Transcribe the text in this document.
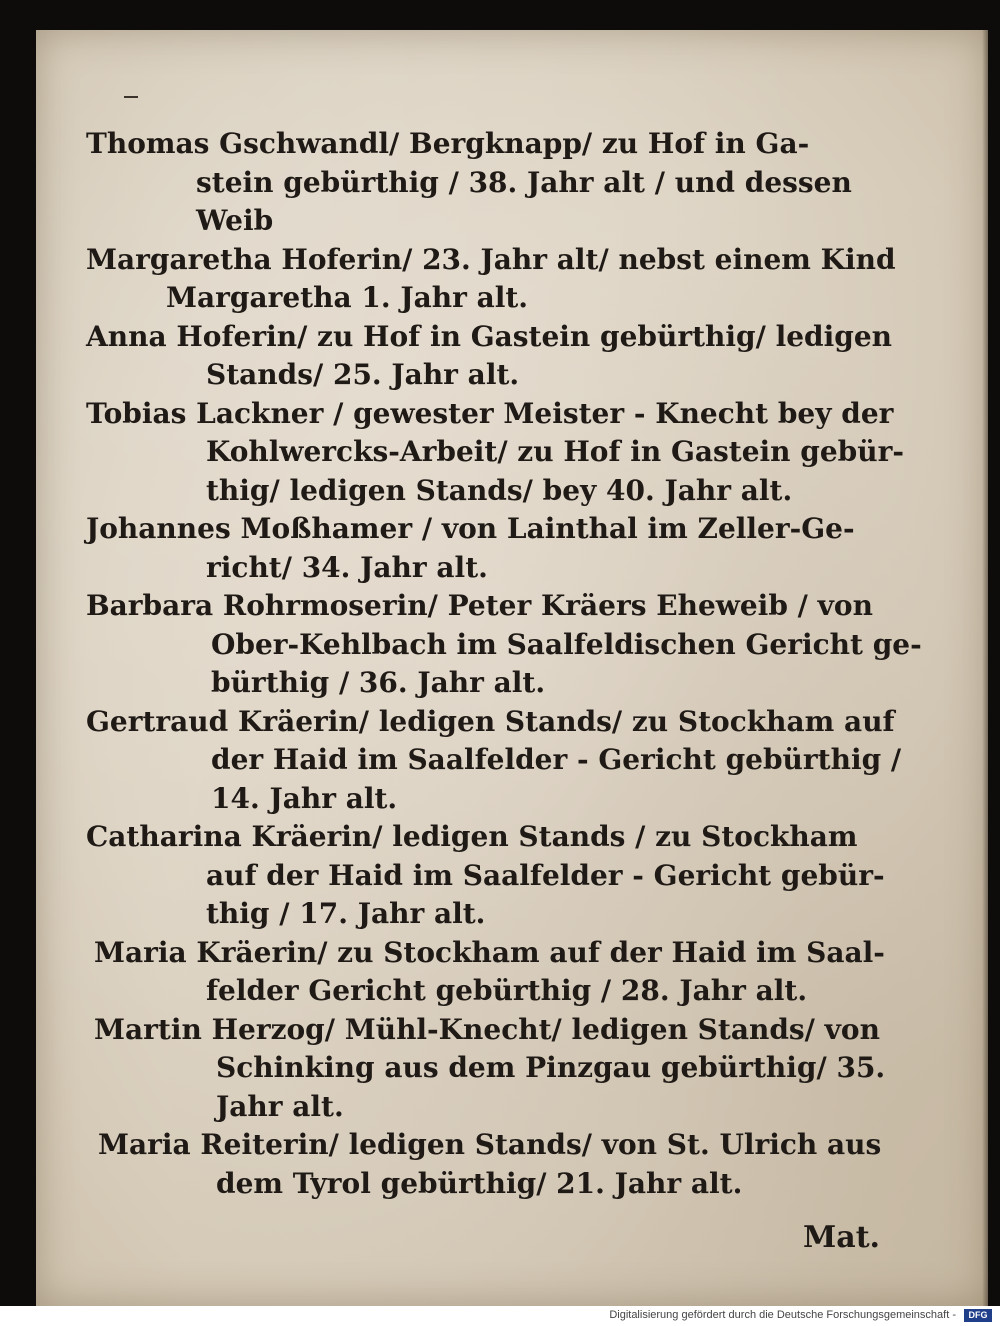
Thomas Gschwandl/ Bergknapp/ zu Hof in Ga-
stein gebürthig / 38. Jahr alt / und dessen
Weib
Margaretha Hoferin/ 23. Jahr alt/ nebst einem Kind
Margaretha 1. Jahr alt.
Anna Hoferin/ zu Hof in Gastein gebürthig/ ledigen
Stands/ 25. Jahr alt.
Tobias Lackner / gewester Meister - Knecht bey der
Kohlwercks-Arbeit/ zu Hof in Gastein gebür-
thig/ ledigen Stands/ bey 40. Jahr alt.
Johannes Moßhamer / von Lainthal im Zeller-Ge-
richt/ 34. Jahr alt.
Barbara Rohrmoserin/ Peter Kräers Eheweib / von
Ober-Kehlbach im Saalfeldischen Gericht ge-
bürthig / 36. Jahr alt.
Gertraud Kräerin/ ledigen Stands/ zu Stockham auf
der Haid im Saalfelder - Gericht gebürthig /
14. Jahr alt.
Catharina Kräerin/ ledigen Stands / zu Stockham
auf der Haid im Saalfelder - Gericht gebür-
thig / 17. Jahr alt.
Maria Kräerin/ zu Stockham auf der Haid im Saal-
felder Gericht gebürthig / 28. Jahr alt.
Martin Herzog/ Mühl-Knecht/ ledigen Stands/ von
Schinking aus dem Pinzgau gebürthig/ 35.
Jahr alt.
Maria Reiterin/ ledigen Stands/ von St. Ulrich aus
dem Tyrol gebürthig/ 21. Jahr alt.
Mat.
Digitalisierung gefördert durch die Deutsche Forschungsgemeinschaft -	DFG
